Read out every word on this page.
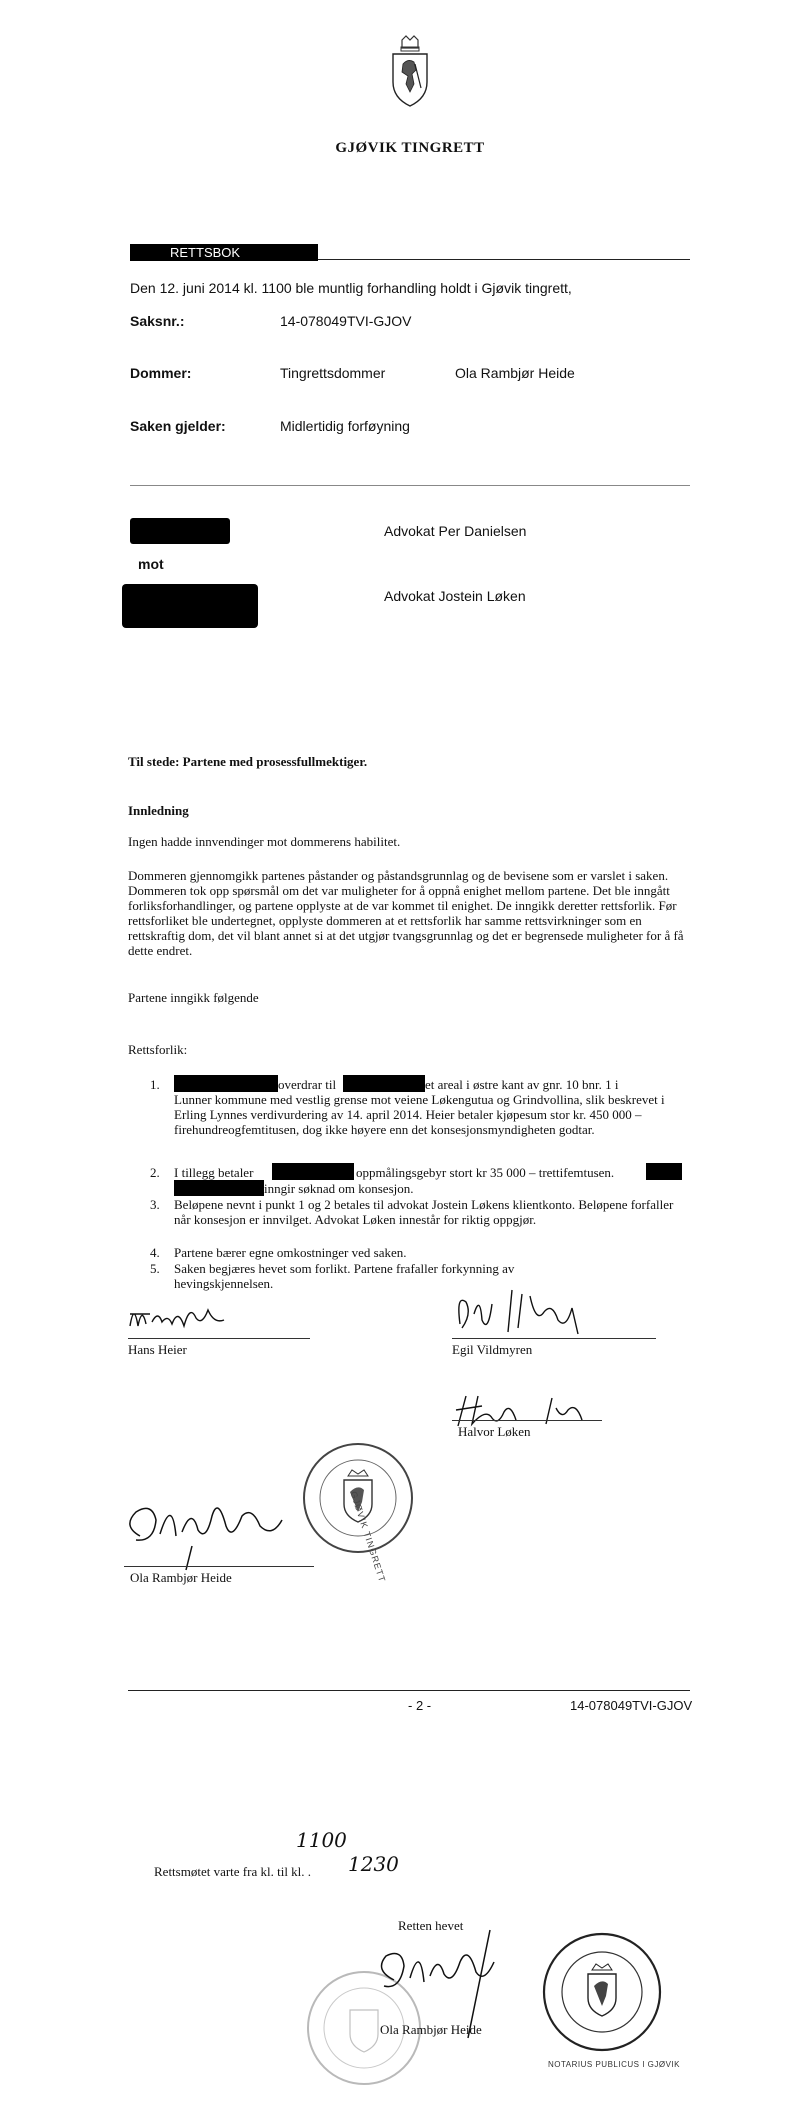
GJØVIK TINGRETT
RETTSBOK
Den 12. juni 2014 kl. 1100 ble muntlig forhandling holdt i Gjøvik tingrett,
Saksnr.:	14-078049TVI-GJOV
Dommer:	Tingrettsdommer	Ola Rambjør Heide
Saken gjelder:	Midlertidig forføyning
Advokat Per Danielsen
mot
Advokat Jostein Løken
Til stede: Partene med prosessfullmektiger.
Innledning
Ingen hadde innvendinger mot dommerens habilitet.
Dommeren gjennomgikk partenes påstander og påstandsgrunnlag og de bevisene som er varslet i saken. Dommeren tok opp spørsmål om det var muligheter for å oppnå enighet mellom partene. Det ble inngått forliksforhandlinger, og partene opplyste at de var kommet til enighet. De inngikk deretter rettsforlik. Før rettsforliket ble undertegnet, opplyste dommeren at et rettsforlik har samme rettsvirkninger som en rettskraftig dom, det vil blant annet si at det utgjør tvangsgrunnlag og det er begrensede muligheter for å få dette endret.
Partene inngikk følgende
Rettsforlik:
1.	overdrar til	et areal i østre kant av gnr. 10 bnr. 1 i
Lunner kommune med vestlig grense mot veiene Løkengutua og Grindvollina, slik beskrevet i Erling Lynnes verdivurdering av 14. april 2014. Heier betaler kjøpesum stor kr. 450 000 – firehundreogfemtitusen, dog ikke høyere enn det konsesjonsmyndigheten godtar.
2. I tillegg betaler	oppmålingsgebyr stort kr 35 000 – trettifemtusen.
inngir søknad om konsesjon.
3. Beløpene nevnt i punkt 1 og 2 betales til advokat Jostein Løkens klientkonto. Beløpene forfaller når konsesjon er innvilget. Advokat Løken innestår for riktig oppgjør.
4. Partene bærer egne omkostninger ved saken.
5. Saken begjæres hevet som forlikt. Partene frafaller forkynning av hevingskjennelsen.
Hans Heier	Egil Vildmyren
Halvor Løken
GJØVIK TINGRETT
Ola Rambjør Heide
- 2 -	14-078049TVI-GJOV
1100
Rettsmøtet varte fra kl. til kl. . 1230
Retten hevet
Ola Rambjør Heide
NOTARIUS PUBLICUS I GJØVIK
